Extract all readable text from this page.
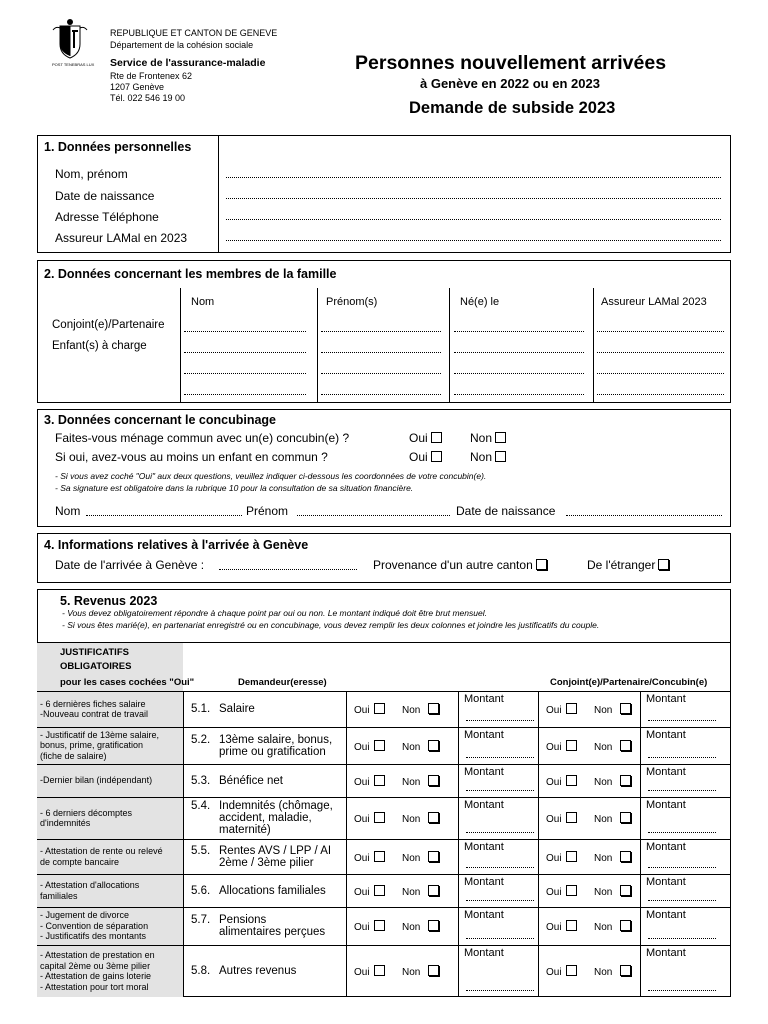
POST TENEBRAS LUX
REPUBLIQUE ET CANTON DE GENEVE
Département de la cohésion sociale
Service de l'assurance-maladie
Rte de Frontenex 62
1207 Genève
Tél. 022 546 19 00
Personnes nouvellement arrivées
à Genève en 2022 ou en 2023
Demande de subside 2023
1. Données personnelles
Nom, prénom
Date de naissance
Adresse Téléphone
Assureur LAMal en 2023
2. Données concernant les membres de la famille
Nom	Prénom(s)	Né(e) le	Assureur LAMal 2023
Conjoint(e)/Partenaire
Enfant(s) à charge
3. Données concernant le concubinage
Faites-vous ménage commun avec un(e) concubin(e) ?
Si oui, avez-vous au moins un enfant en commun ?
Oui	Non
Oui	Non
- Si vous avez coché "Oui" aux deux questions, veuillez indiquer ci-dessous les coordonnées de votre concubin(e).
- Sa signature est obligatoire dans la rubrique 10 pour la consultation de sa situation financière.
Nom	Prénom	Date de naissance
4. Informations relatives à l'arrivée à Genève
Date de l'arrivée à Genève :	Provenance d'un autre canton	De l'étranger
5. Revenus 2023
- Vous devez obligatoirement répondre à chaque point par oui ou non. Le montant indiqué doit être brut mensuel.
- Si vous êtes marié(e), en partenariat enregistré ou en concubinage, vous devez remplir les deux colonnes et joindre les justificatifs du couple.
JUSTIFICATIFS
OBLIGATOIRES
pour les cases cochées "Oui"	Demandeur(eresse)	Conjoint(e)/Partenaire/Concubin(e)
- 6 dernières fiches salaire
-Nouveau contrat de travail	5.1. Salaire	Oui	Non	Oui	Non
Montant	Montant
- Justificatif de 13ème salaire,
bonus, prime, gratification
(fiche de salaire)
5.2. 13ème salaire, bonus,
prime ou gratification	Oui	Non	Oui	Non
Montant	Montant
-Dernier bilan (indépendant)	5.3. Bénéfice net	Oui	Non	Oui	Non
Montant	Montant
- 6 derniers décomptes
d'indemnités
5.4. Indemnités (chômage,
accident, maladie,
maternité)
Oui	Non	Oui	Non
Montant	Montant
- Attestation de rente ou relevé
de compte bancaire
5.5. Rentes AVS / LPP / AI
2ème / 3ème pilier	Oui	Non	Oui	Non
Montant	Montant
- Attestation d'allocations
familiales	5.6. Allocations familiales	Oui	Non	Oui	Non
Montant	Montant
- Jugement de divorce
- Convention de séparation
- Justificatifs des montants
5.7. Pensions
alimentaires perçues	Oui	Non	Oui	Non
Montant	Montant
- Attestation de prestation en
capital 2ème ou 3ème pilier
- Attestation de gains loterie
- Attestation pour tort moral
5.8. Autres revenus	Oui	Non	Oui	Non
Montant	Montant
